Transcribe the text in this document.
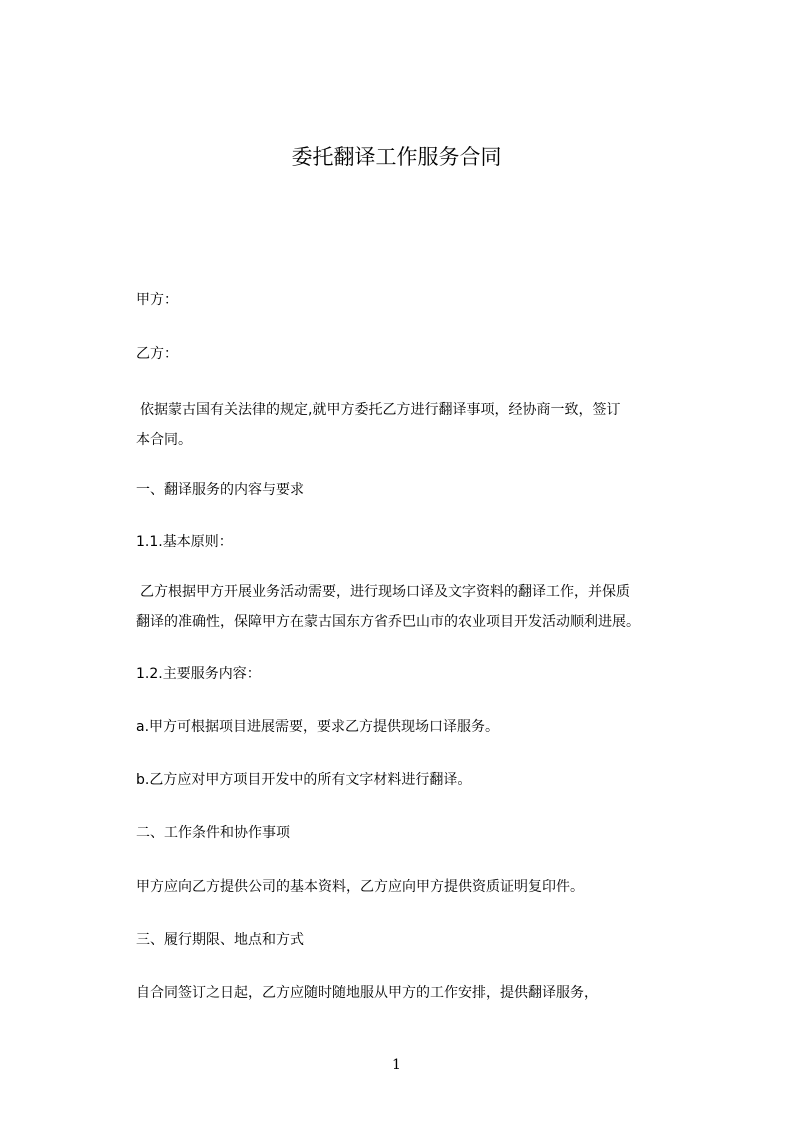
委托翻译工作服务合同
甲方：
乙方：
依据蒙古国有关法律的规定,就甲方委托乙方进行翻译事项，经协商一致，签订
本合同。
一、翻译服务的内容与要求
1.1.基本原则：
乙方根据甲方开展业务活动需要，进行现场口译及文字资料的翻译工作，并保质
翻译的准确性，保障甲方在蒙古国东方省乔巴山市的农业项目开发活动顺利进展。
1.2.主要服务内容：
a.甲方可根据项目进展需要，要求乙方提供现场口译服务。
b.乙方应对甲方项目开发中的所有文字材料进行翻译。
二、工作条件和协作事项
甲方应向乙方提供公司的基本资料，乙方应向甲方提供资质证明复印件。
三、履行期限、地点和方式
自合同签订之日起，乙方应随时随地服从甲方的工作安排，提供翻译服务，
1
